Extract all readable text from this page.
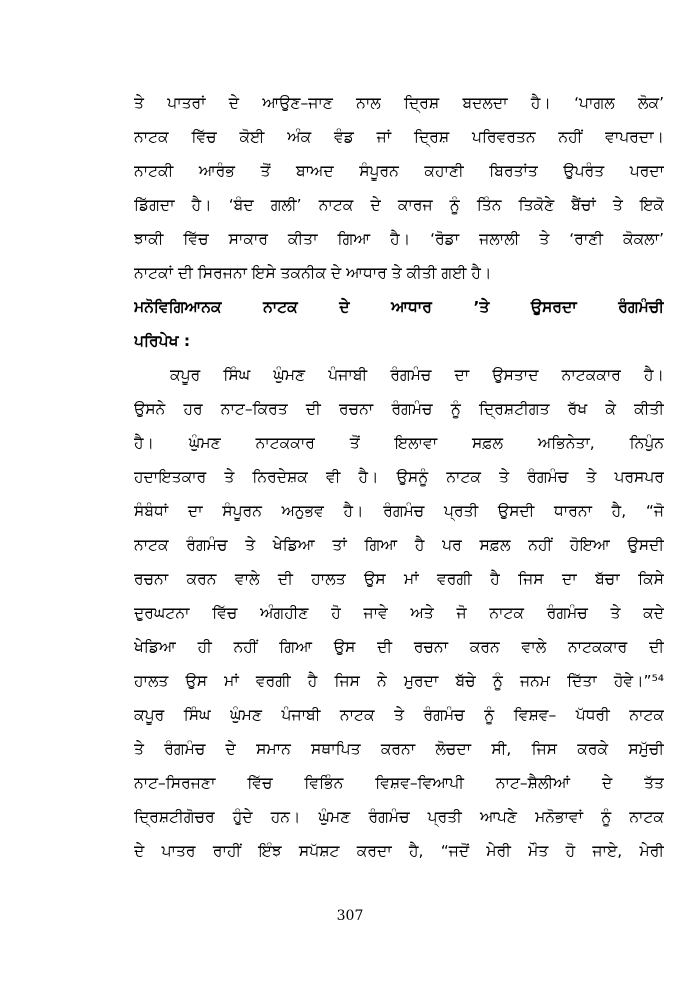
ਤੇ ਪਾਤਰਾਂ ਦੇ ਆਉਣ–ਜਾਣ ਨਾਲ ਦ੍ਰਿਸ਼ ਬਦਲਦਾ ਹੈ। ‘ਪਾਗਲ ਲੋਕ’
ਨਾਟਕ ਵਿੱਚ ਕੋਈ ਅੰਕ ਵੰਡ ਜਾਂ ਦ੍ਰਿਸ਼ ਪਰਿਵਰਤਨ ਨਹੀਂ ਵਾਪਰਦਾ।
ਨਾਟਕੀ ਆਰੰਭ ਤੋਂ ਬਾਅਦ ਸੰਪੂਰਨ ਕਹਾਣੀ ਬਿਰਤਾਂਤ ਉਪਰੰਤ ਪਰਦਾ
ਡਿੱਗਦਾ ਹੈ। ‘ਬੰਦ ਗਲੀ’ ਨਾਟਕ ਦੇ ਕਾਰਜ ਨੂੰ ਤਿੰਨ ਤਿਕੋਣੇ ਬੈਂਚਾਂ ਤੇ ਇਕੋ
ਝਾਕੀ ਵਿੱਚ ਸਾਕਾਰ ਕੀਤਾ ਗਿਆ ਹੈ। ‘ਰੋਡਾ ਜਲਾਲੀ ਤੇ ‘ਰਾਣੀ ਕੋਕਲਾ’
ਨਾਟਕਾਂ ਦੀ ਸਿਰਜਨਾ ਇਸੇ ਤਕਨੀਕ ਦੇ ਆਧਾਰ ਤੇ ਕੀਤੀ ਗਈ ਹੈ।
ਮਨੋਵਿਗਿਆਨਕ ਨਾਟਕ ਦੇ ਆਧਾਰ ’ਤੇ ਉਸਰਦਾ ਰੰਗਮੰਚੀ
ਪਰਿਪੇਖ :
ਕਪੂਰ ਸਿੰਘ ਘੁੰਮਣ ਪੰਜਾਬੀ ਰੰਗਮੰਚ ਦਾ ਉਸਤਾਦ ਨਾਟਕਕਾਰ ਹੈ।
ਉਸਨੇ ਹਰ ਨਾਟ–ਕਿਰਤ ਦੀ ਰਚਨਾ ਰੰਗਮੰਚ ਨੂੰ ਦ੍ਰਿਸ਼ਟੀਗਤ ਰੱਖ ਕੇ ਕੀਤੀ
ਹੈ। ਘੁੰਮਣ ਨਾਟਕਕਾਰ ਤੋਂ ਇਲਾਵਾ ਸਫ਼ਲ ਅਭਿਨੇਤਾ, ਨਿਪੁੰਨ
ਹਦਾਇਤਕਾਰ ਤੇ ਨਿਰਦੇਸ਼ਕ ਵੀ ਹੈ। ਉਸਨੂੰ ਨਾਟਕ ਤੇ ਰੰਗਮੰਚ ਤੇ ਪਰਸਪਰ
ਸੰਬੰਧਾਂ ਦਾ ਸੰਪੂਰਨ ਅਨੁਭਵ ਹੈ। ਰੰਗਮੰਚ ਪ੍ਰਤੀ ਉਸਦੀ ਧਾਰਨਾ ਹੈ, “ਜੋ
ਨਾਟਕ ਰੰਗਮੰਚ ਤੇ ਖੇਡਿਆ ਤਾਂ ਗਿਆ ਹੈ ਪਰ ਸਫ਼ਲ ਨਹੀਂ ਹੋਇਆ ਉਸਦੀ
ਰਚਨਾ ਕਰਨ ਵਾਲੇ ਦੀ ਹਾਲਤ ਉਸ ਮਾਂ ਵਰਗੀ ਹੈ ਜਿਸ ਦਾ ਬੱਚਾ ਕਿਸੇ
ਦੁਰਘਟਨਾ ਵਿੱਚ ਅੰਗਹੀਣ ਹੋ ਜਾਵੇ ਅਤੇ ਜੋ ਨਾਟਕ ਰੰਗਮੰਚ ਤੇ ਕਦੇ
ਖੇਡਿਆ ਹੀ ਨਹੀਂ ਗਿਆ ਉਸ ਦੀ ਰਚਨਾ ਕਰਨ ਵਾਲੇ ਨਾਟਕਕਾਰ ਦੀ
ਹਾਲਤ ਉਸ ਮਾਂ ਵਰਗੀ ਹੈ ਜਿਸ ਨੇ ਮੁਰਦਾ ਬੱਚੇ ਨੂੰ ਜਨਮ ਦਿੱਤਾ ਹੋਵੇ।”⁵⁴
ਕਪੂਰ ਸਿੰਘ ਘੁੰਮਣ ਪੰਜਾਬੀ ਨਾਟਕ ਤੇ ਰੰਗਮੰਚ ਨੂੰ ਵਿਸ਼ਵ– ਪੱਧਰੀ ਨਾਟਕ
ਤੇ ਰੰਗਮੰਚ ਦੇ ਸਮਾਨ ਸਥਾਪਿਤ ਕਰਨਾ ਲੋਚਦਾ ਸੀ, ਜਿਸ ਕਰਕੇ ਸਮੁੱਚੀ
ਨਾਟ–ਸਿਰਜਣਾ ਵਿੱਚ ਵਿਭਿੰਨ ਵਿਸ਼ਵ–ਵਿਆਪੀ ਨਾਟ–ਸ਼ੈਲੀਆਂ ਦੇ ਤੱਤ
ਦ੍ਰਿਸ਼ਟੀਗੋਚਰ ਹੁੰਦੇ ਹਨ। ਘੁੰਮਣ ਰੰਗਮੰਚ ਪ੍ਰਤੀ ਆਪਣੇ ਮਨੋਭਾਵਾਂ ਨੂੰ ਨਾਟਕ
ਦੇ ਪਾਤਰ ਰਾਹੀਂ ਇੰਝ ਸਪੱਸ਼ਟ ਕਰਦਾ ਹੈ, “ਜਦੋਂ ਮੇਰੀ ਮੌਤ ਹੋ ਜਾਏ, ਮੇਰੀ
307
